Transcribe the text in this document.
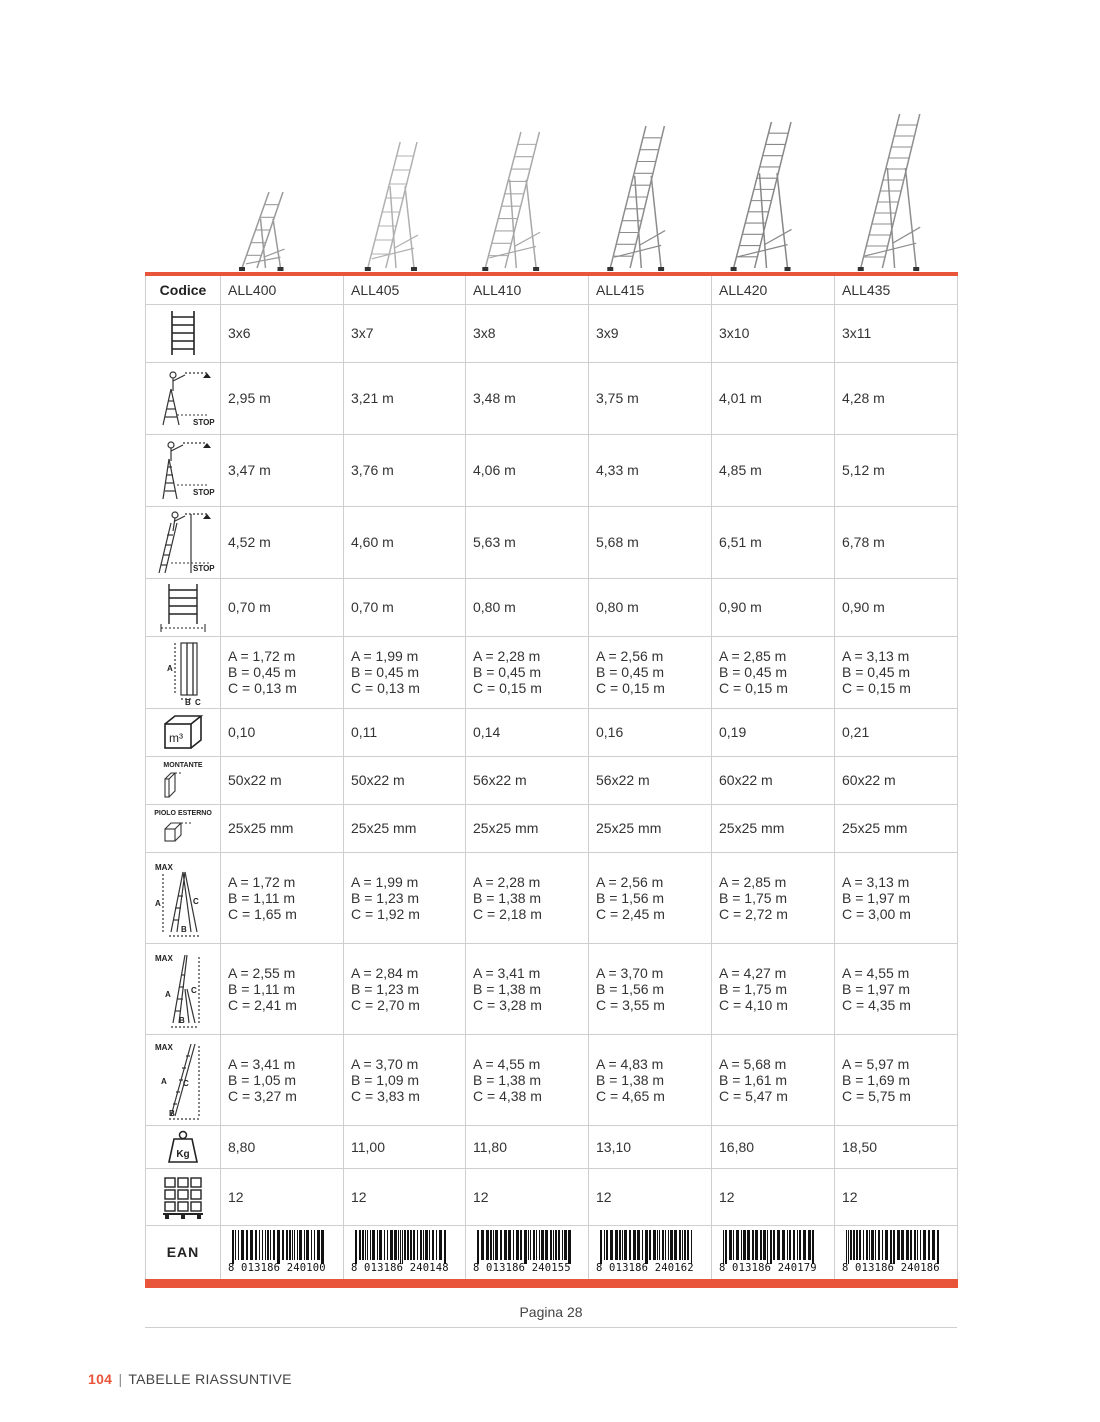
Codice	ALL400	ALL405	ALL410	ALL415	ALL420	ALL435

	3x6	3x7	3x8	3x9	3x10	3x11

STOP	2,95 m	3,21 m	3,48 m	3,75 m	4,01 m	4,28 m

STOP	3,47 m	3,76 m	4,06 m	4,33 m	4,85 m	5,12 m

STOP	4,52 m	4,60 m	5,63 m	5,68 m	6,51 m	6,78 m

	0,70 m	0,70 m	0,80 m	0,80 m	0,90 m	0,90 m

A
B C	A = 1,72 m
B = 0,45 m
C = 0,13 m	A = 1,99 m
B = 0,45 m
C = 0,13 m	A = 2,28 m
B = 0,45 m
C = 0,15 m	A = 2,56 m
B = 0,45 m
C = 0,15 m	A = 2,85 m
B = 0,45 m
C = 0,15 m	A = 3,13 m
B = 0,45 m
C = 0,15 m

m³	0,10	0,11	0,14	0,16	0,19	0,21

MONTANTE	50x22 m	50x22 m	56x22 m	56x22 m	60x22 m	60x22 m

PIOLO ESTERNO	25x25 mm	25x25 mm	25x25 mm	25x25 mm	25x25 mm	25x25 mm

MAX
A
B
C	A = 1,72 m
B = 1,11 m
C = 1,65 m	A = 1,99 m
B = 1,23 m
C = 1,92 m	A = 2,28 m
B = 1,38 m
C = 2,18 m	A = 2,56 m
B = 1,56 m
C = 2,45 m	A = 2,85 m
B = 1,75 m
C = 2,72 m	A = 3,13 m
B = 1,97 m
C = 3,00 m

MAX
A
B
C	A = 2,55 m
B = 1,11 m
C = 2,41 m	A = 2,84 m
B = 1,23 m
C = 2,70 m	A = 3,41 m
B = 1,38 m
C = 3,28 m	A = 3,70 m
B = 1,56 m
C = 3,55 m	A = 4,27 m
B = 1,75 m
C = 4,10 m	A = 4,55 m
B = 1,97 m
C = 4,35 m

MAX
A
B
C	A = 3,41 m
B = 1,05 m
C = 3,27 m	A = 3,70 m
B = 1,09 m
C = 3,83 m	A = 4,55 m
B = 1,38 m
C = 4,38 m	A = 4,83 m
B = 1,38 m
C = 4,65 m	A = 5,68 m
B = 1,61 m
C = 5,47 m	A = 5,97 m
B = 1,69 m
C = 5,75 m

Kg	8,80	11,00	11,80	13,10	16,80	18,50

	12	12	12	12	12	12
EAN	8 013186 240100	8 013186 240148	8 013186 240155	8 013186 240162	8 013186 240179	8 013186 240186
Pagina 28
104 | TABELLE RIASSUNTIVE
